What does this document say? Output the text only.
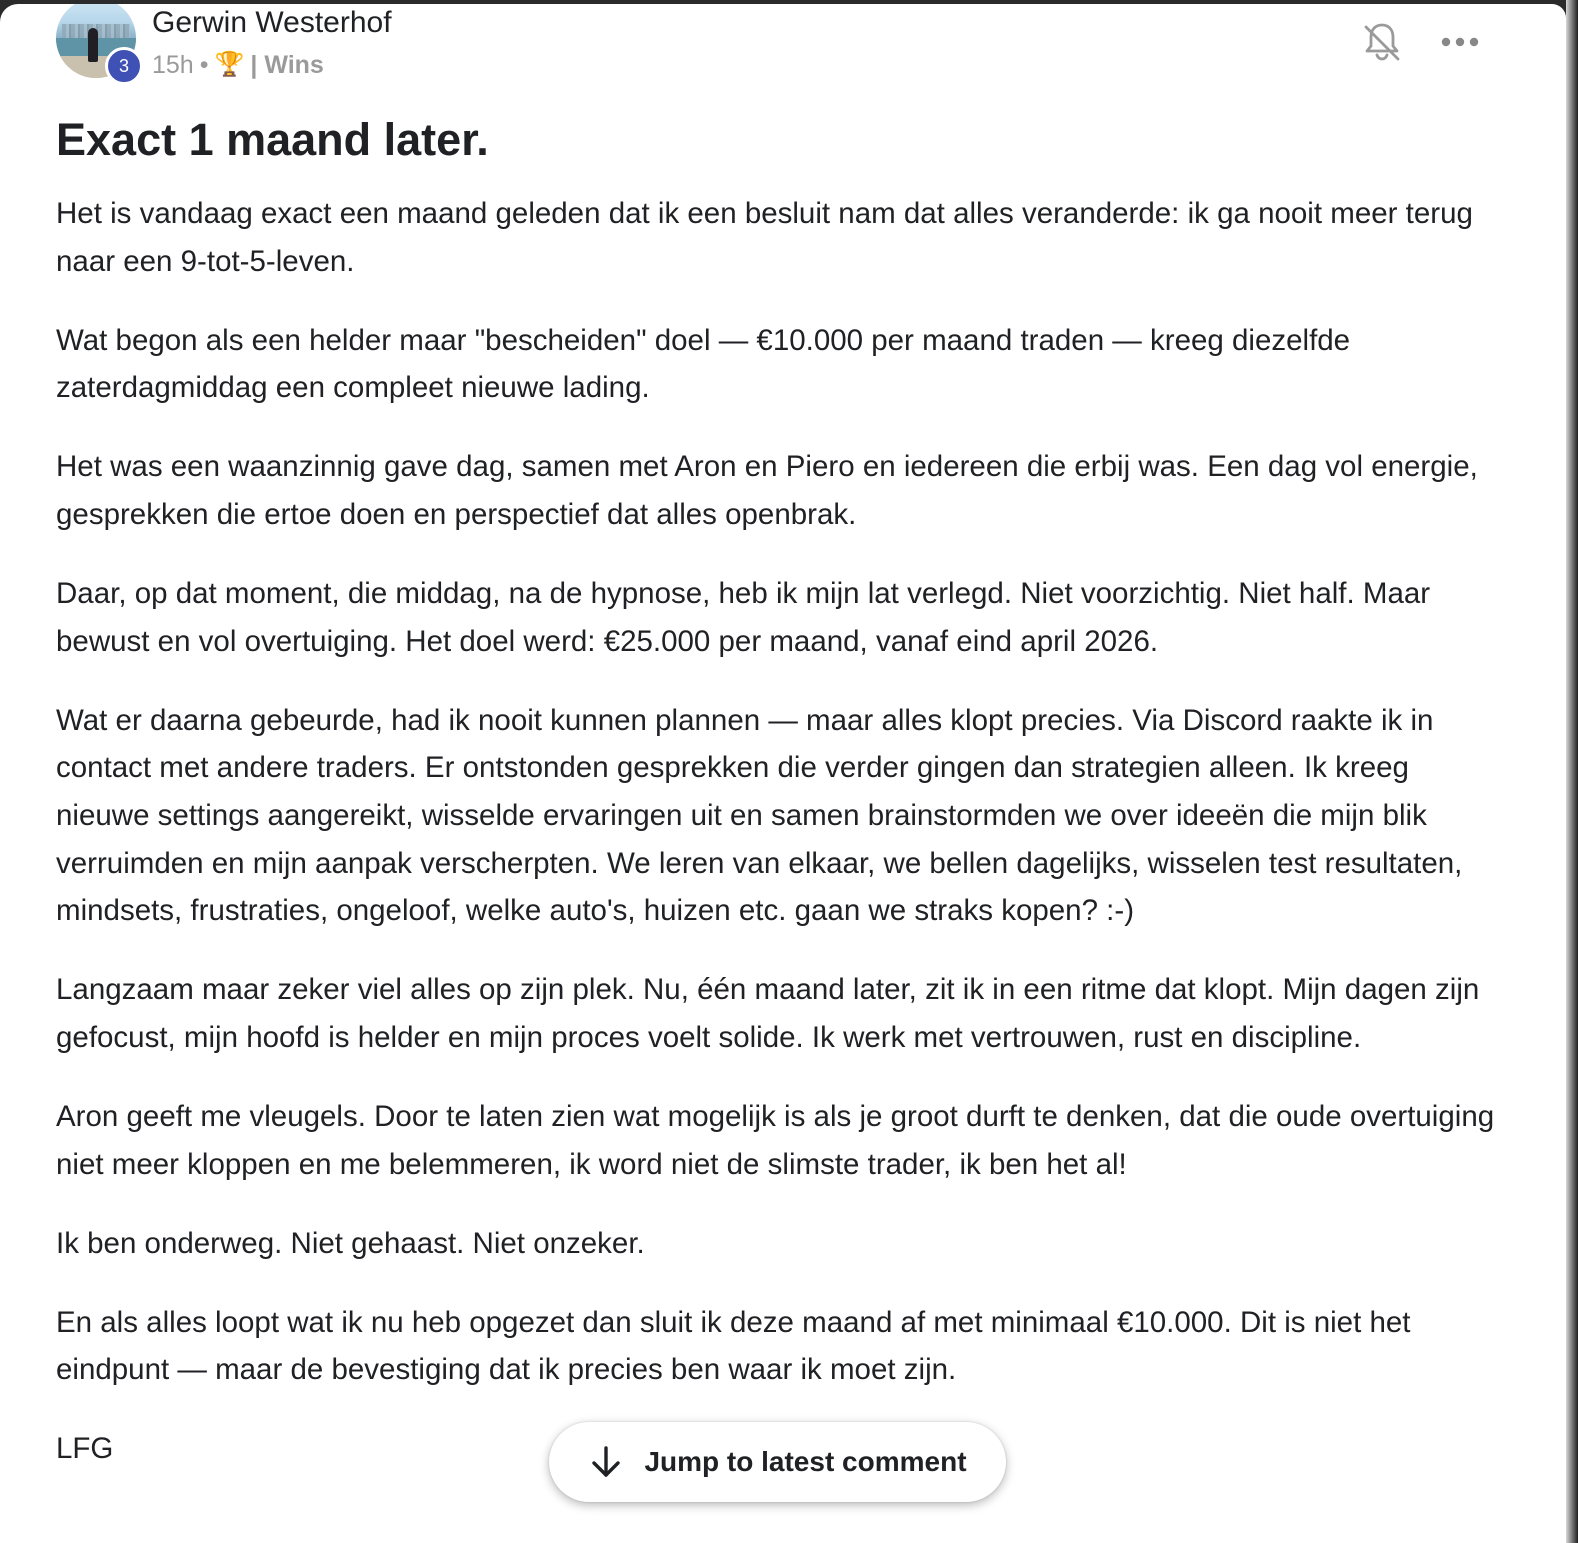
3
Gerwin Westerhof
15h • 🏆 | Wins
Exact 1 maand later.

Het is vandaag exact een maand geleden dat ik een besluit nam dat alles veranderde: ik ga nooit meer terug naar een 9-tot-5-leven.

Wat begon als een helder maar "bescheiden" doel — €10.000 per maand traden — kreeg diezelfde zaterdagmiddag een compleet nieuwe lading.

Het was een waanzinnig gave dag, samen met Aron en Piero en iedereen die erbij was. Een dag vol energie, gesprekken die ertoe doen en perspectief dat alles openbrak.

Daar, op dat moment, die middag, na de hypnose, heb ik mijn lat verlegd. Niet voorzichtig. Niet half. Maar bewust en vol overtuiging. Het doel werd: €25.000 per maand, vanaf eind april 2026.

Wat er daarna gebeurde, had ik nooit kunnen plannen — maar alles klopt precies. Via Discord raakte ik in contact met andere traders. Er ontstonden gesprekken die verder gingen dan strategien alleen. Ik kreeg nieuwe settings aangereikt, wisselde ervaringen uit en samen brainstormden we over ideeën die mijn blik verruimden en mijn aanpak verscherpten. We leren van elkaar, we bellen dagelijks, wisselen test resultaten, mindsets, frustraties, ongeloof, welke auto's, huizen etc. gaan we straks kopen? :-)

Langzaam maar zeker viel alles op zijn plek. Nu, één maand later, zit ik in een ritme dat klopt. Mijn dagen zijn gefocust, mijn hoofd is helder en mijn proces voelt solide. Ik werk met vertrouwen, rust en discipline.

Aron geeft me vleugels. Door te laten zien wat mogelijk is als je groot durft te denken, dat die oude overtuiging niet meer kloppen en me belemmeren, ik word niet de slimste trader, ik ben het al!

Ik ben onderweg. Niet gehaast. Niet onzeker.

En als alles loopt wat ik nu heb opgezet dan sluit ik deze maand af met minimaal €10.000. Dit is niet het eindpunt — maar de bevestiging dat ik precies ben waar ik moet zijn.

LFG	Jump to latest comment
